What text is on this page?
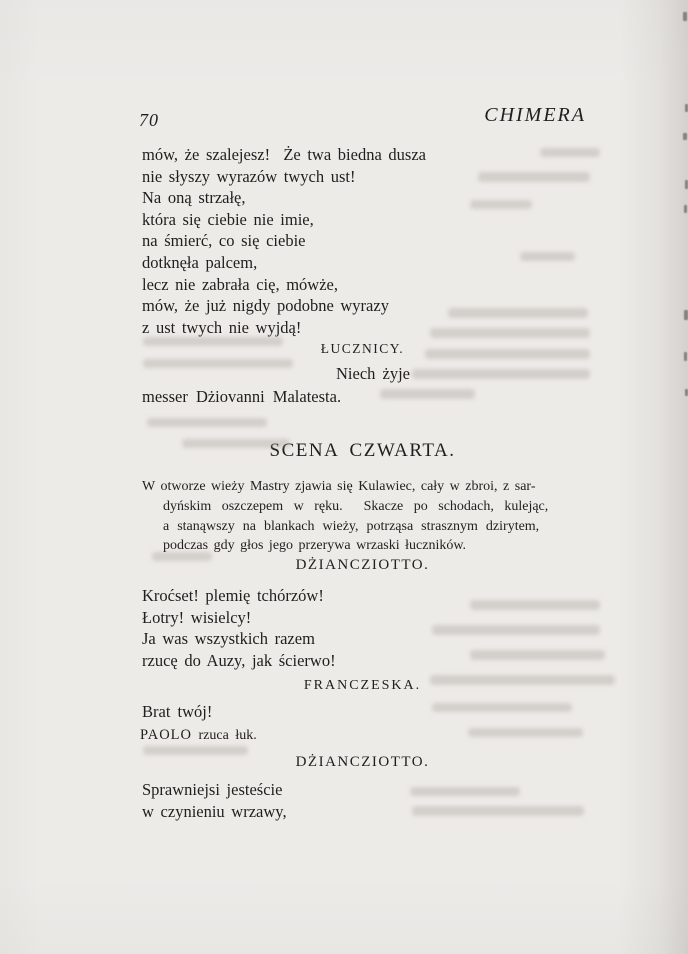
70	CHIMERA
mów, że szalejesz!  Że twa biedna dusza
nie słyszy wyrazów twych ust!
Na oną strzałę,
która się ciebie nie imie,
na śmierć, co się ciebie
dotknęła palcem,
lecz nie zabrała cię, mówże,
mów, że już nigdy podobne wyrazy
z ust twych nie wyjdą!
ŁUCZNICY.
Niech żyje
messer Dżiovanni Malatesta.
SCENA CZWARTA.
W otworze wieży Mastry zjawia się Kulawiec, cały w zbroi, z sar-
dyńskim oszczepem w ręku.  Skacze po schodach, kulejąc,
a stanąwszy na blankach wieży, potrząsa strasznym dzirytem,
podczas gdy głos jego przerywa wrzaski łuczników.
DŻIANCZIOTTO.
Kroćset! plemię tchórzów!
Łotry! wisielcy!
Ja was wszystkich razem
rzucę do Auzy, jak ścierwo!
FRANCZESKA.
Brat twój!
PAOLO rzuca łuk.
DŻIANCZIOTTO.
Sprawniejsi jesteście
w czynieniu wrzawy,
